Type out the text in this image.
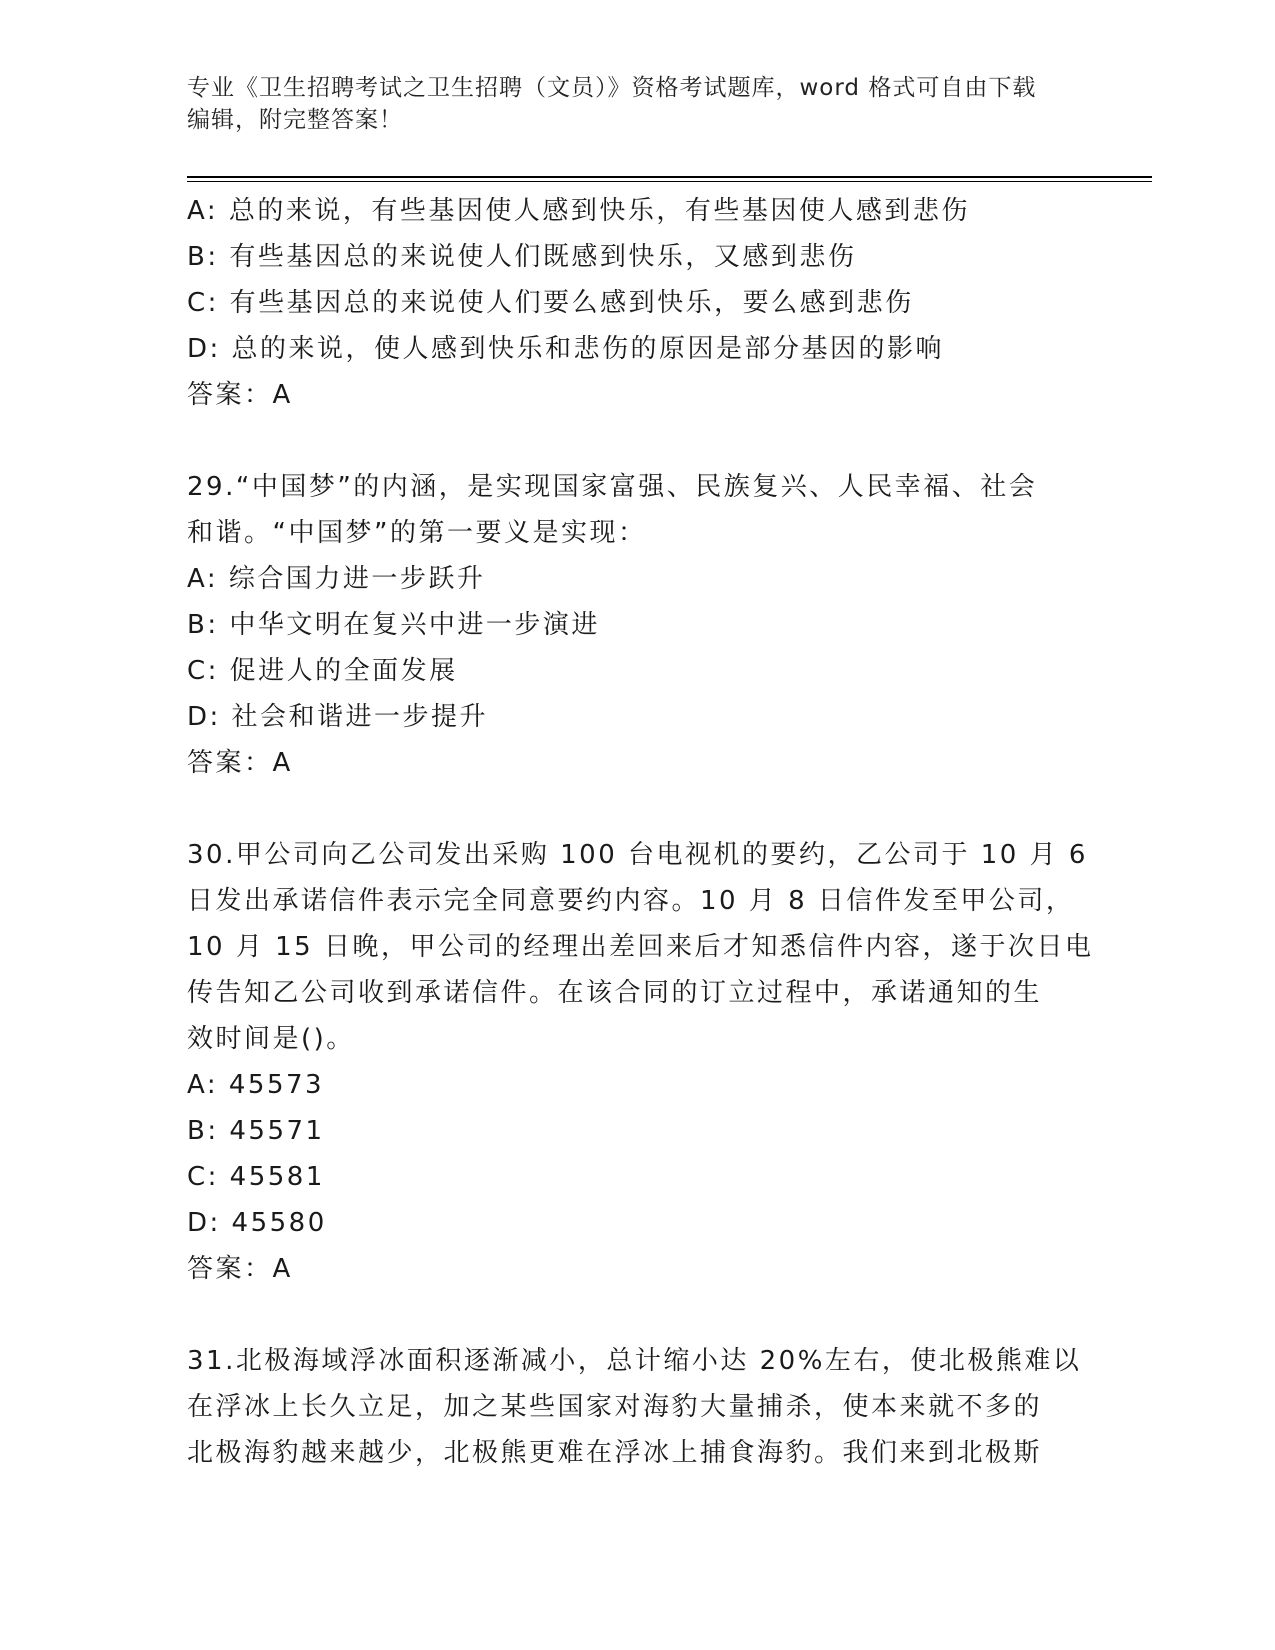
专业《卫生招聘考试之卫生招聘（文员）》资格考试题库，word 格式可自由下载
编辑，附完整答案！
A: 总的来说，有些基因使人感到快乐，有些基因使人感到悲伤
B: 有些基因总的来说使人们既感到快乐，又感到悲伤
C: 有些基因总的来说使人们要么感到快乐，要么感到悲伤
D: 总的来说，使人感到快乐和悲伤的原因是部分基因的影响
答案：A
29.“中国梦”的内涵，是实现国家富强、民族复兴、人民幸福、社会
和谐。“中国梦”的第一要义是实现：
A: 综合国力进一步跃升
B: 中华文明在复兴中进一步演进
C: 促进人的全面发展
D: 社会和谐进一步提升
答案：A
30.甲公司向乙公司发出采购 100 台电视机的要约，乙公司于 10 月 6
日发出承诺信件表示完全同意要约内容。10 月 8 日信件发至甲公司，
10 月 15 日晚，甲公司的经理出差回来后才知悉信件内容，遂于次日电
传告知乙公司收到承诺信件。在该合同的订立过程中，承诺通知的生
效时间是()。
A: 45573
B: 45571
C: 45581
D: 45580
答案：A
31.北极海域浮冰面积逐渐减小，总计缩小达 20%左右，使北极熊难以
在浮冰上长久立足，加之某些国家对海豹大量捕杀，使本来就不多的
北极海豹越来越少，北极熊更难在浮冰上捕食海豹。我们来到北极斯
